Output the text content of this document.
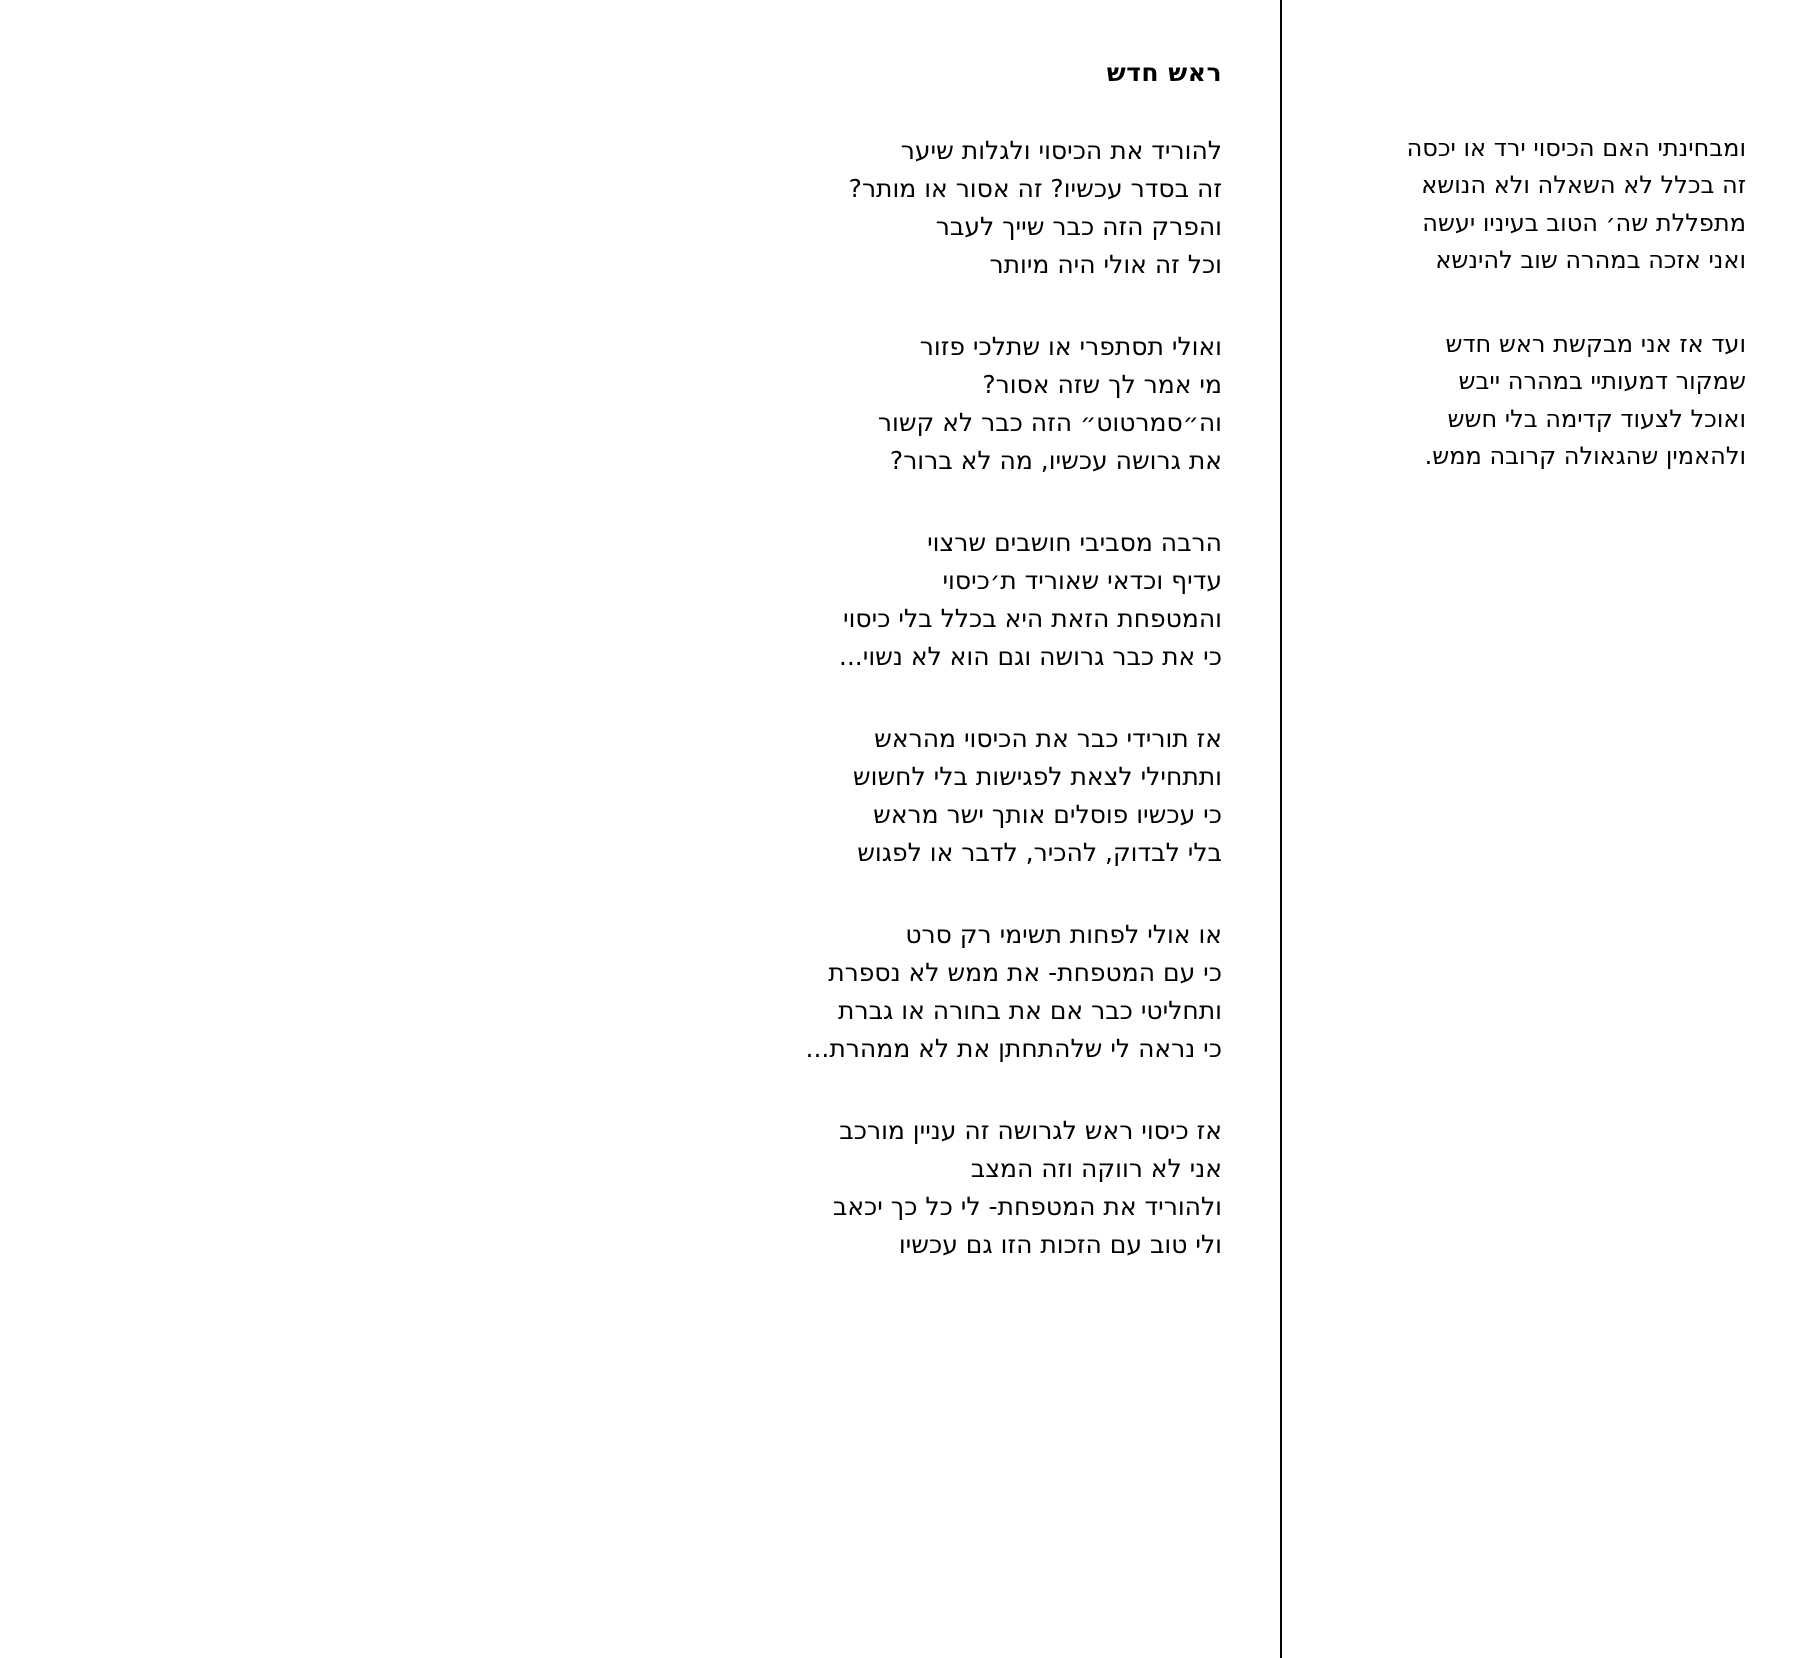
ראש חדש
להוריד את הכיסוי ולגלות שיער
זה בסדר עכשיו? זה אסור או מותר?
והפרק הזה כבר שייך לעבר
וכל זה אולי היה מיותר
ואולי תסתפרי או שתלכי פזור
מי אמר לך שזה אסור?
וה״סמרטוט״ הזה כבר לא קשור
את גרושה עכשיו, מה לא ברור?
הרבה מסביבי חושבים שרצוי
עדיף וכדאי שאוריד ת׳כיסוי
והמטפחת הזאת היא בכלל בלי כיסוי
כי את כבר גרושה וגם הוא לא נשוי...
אז תורידי כבר את הכיסוי מהראש
ותתחילי לצאת לפגישות בלי לחשוש
כי עכשיו פוסלים אותך ישר מראש
בלי לבדוק, להכיר, לדבר או לפגוש
או אולי לפחות תשימי רק סרט
כי עם המטפחת- את ממש לא נספרת
ותחליטי כבר אם את בחורה או גברת
כי נראה לי שלהתחתן את לא ממהרת...
אז כיסוי ראש לגרושה זה עניין מורכב
אני לא רווקה וזה המצב
ולהוריד את המטפחת- לי כל כך יכאב
ולי טוב עם הזכות הזו גם עכשיו
ומבחינתי האם הכיסוי ירד או יכסה
זה בכלל לא השאלה ולא הנושא
מתפללת שה׳ הטוב בעיניו יעשה
ואני אזכה במהרה שוב להינשא
ועד אז אני מבקשת ראש חדש
שמקור דמעותיי במהרה ייבש
ואוכל לצעוד קדימה בלי חשש
ולהאמין שהגאולה קרובה ממש.
